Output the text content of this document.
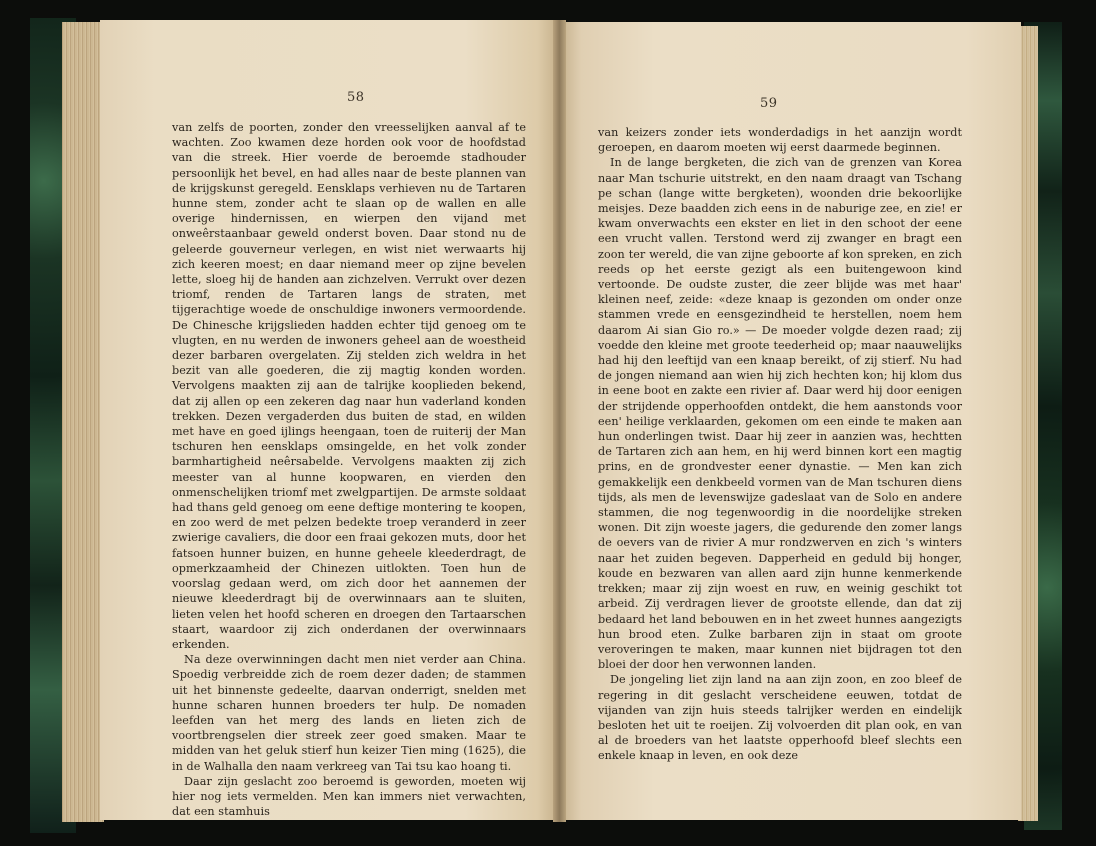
58	59

van zelfs de poorten, zonder den vreesselijken aanval af te wachten. Zoo kwamen deze horden ook voor de hoofdstad van die streek. Hier voerde de beroemde stadhouder persoonlijk het bevel, en had alles naar de beste plannen van de krijgskunst geregeld. Eensklaps verhieven nu de Tartaren hunne stem, zonder acht te slaan op de wallen en alle overige hindernissen, en wierpen den vijand met onweêrstaanbaar geweld onderst boven. Daar stond nu de geleerde gouverneur verlegen, en wist niet werwaarts hij zich keeren moest; en daar niemand meer op zijne bevelen lette, sloeg hij de handen aan zichzelven. Verrukt over dezen triomf, renden de Tartaren langs de straten, met tijgerachtige woede de onschuldige inwoners vermoordende. De Chinesche krijgslieden hadden echter tijd genoeg om te vlugten, en nu werden de inwoners geheel aan de woestheid dezer barbaren overgelaten. Zij stelden zich weldra in het bezit van alle goederen, die zij magtig konden worden. Vervolgens maakten zij aan de talrijke kooplieden bekend, dat zij allen op een zekeren dag naar hun vaderland konden trekken. Dezen vergaderden dus buiten de stad, en wilden met have en goed ijlings heengaan, toen de ruiterij der Man tschuren hen eensklaps omsingelde, en het volk zonder barmhartigheid neêrsabelde. Vervolgens maakten zij zich meester van al hunne koopwaren, en vierden den onmenschelijken triomf met zwelgpartijen. De armste soldaat had thans geld genoeg om eene deftige montering te koopen, en zoo werd de met pelzen bedekte troep veranderd in zeer zwierige cavaliers, die door een fraai gekozen muts, door het fatsoen hunner buizen, en hunne geheele kleederdragt, de opmerkzaamheid der Chinezen uitlokten. Toen hun de voorslag gedaan werd, om zich door het aannemen der nieuwe kleederdragt bij de overwinnaars aan te sluiten, lieten velen het hoofd scheren en droegen den Tartaarschen staart, waardoor zij zich onderdanen der overwinnaars erkenden.

Na deze overwinningen dacht men niet verder aan China. Spoedig verbreidde zich de roem dezer daden; de stammen uit het binnenste gedeelte, daarvan onderrigt, snelden met hunne scharen hunnen broeders ter hulp. De nomaden leefden van het merg des lands en lieten zich de voortbrengselen dier streek zeer goed smaken. Maar te midden van het geluk stierf hun keizer Tien ming (1625), die in de Walhalla den naam verkreeg van Tai tsu kao hoang ti.

Daar zijn geslacht zoo beroemd is geworden, moeten wij hier nog iets vermelden. Men kan immers niet verwachten, dat een stamhuis

van keizers zonder iets wonderdadigs in het aanzijn wordt geroepen, en daarom moeten wij eerst daarmede beginnen.

In de lange bergketen, die zich van de grenzen van Korea naar Man tschurie uitstrekt, en den naam draagt van Tschang pe schan (lange witte bergketen), woonden drie bekoorlijke meisjes. Deze baadden zich eens in de naburige zee, en zie! er kwam onverwachts een ekster en liet in den schoot der eene een vrucht vallen. Terstond werd zij zwanger en bragt een zoon ter wereld, die van zijne geboorte af kon spreken, en zich reeds op het eerste gezigt als een buitengewoon kind vertoonde. De oudste zuster, die zeer blijde was met haar' kleinen neef, zeide: «deze knaap is gezonden om onder onze stammen vrede en eensgezindheid te herstellen, noem hem daarom Ai sian Gio ro.» — De moeder volgde dezen raad; zij voedde den kleine met groote teederheid op; maar naauwelijks had hij den leeftijd van een knaap bereikt, of zij stierf. Nu had de jongen niemand aan wien hij zich hechten kon; hij klom dus in eene boot en zakte een rivier af. Daar werd hij door eenigen der strijdende opperhoofden ontdekt, die hem aanstonds voor een' heilige verklaarden, gekomen om een einde te maken aan hun onderlingen twist. Daar hij zeer in aanzien was, hechtten de Tartaren zich aan hem, en hij werd binnen kort een magtig prins, en de grondvester eener dynastie. — Men kan zich gemakkelijk een denkbeeld vormen van de Man tschuren diens tijds, als men de levenswijze gadeslaat van de Solo en andere stammen, die nog tegenwoordig in die noordelijke streken wonen. Dit zijn woeste jagers, die gedurende den zomer langs de oevers van de rivier A mur rondzwerven en zich 's winters naar het zuiden begeven. Dapperheid en geduld bij honger, koude en bezwaren van allen aard zijn hunne kenmerkende trekken; maar zij zijn woest en ruw, en weinig geschikt tot arbeid. Zij verdragen liever de grootste ellende, dan dat zij bedaard het land bebouwen en in het zweet hunnes aangezigts hun brood eten. Zulke barbaren zijn in staat om groote veroveringen te maken, maar kunnen niet bijdragen tot den bloei der door hen verwonnen landen.

De jongeling liet zijn land na aan zijn zoon, en zoo bleef de regering in dit geslacht verscheidene eeuwen, totdat de vijanden van zijn huis steeds talrijker werden en eindelijk besloten het uit te roeijen. Zij volvoerden dit plan ook, en van al de broeders van het laatste opperhoofd bleef slechts een enkele knaap in leven, en ook deze
